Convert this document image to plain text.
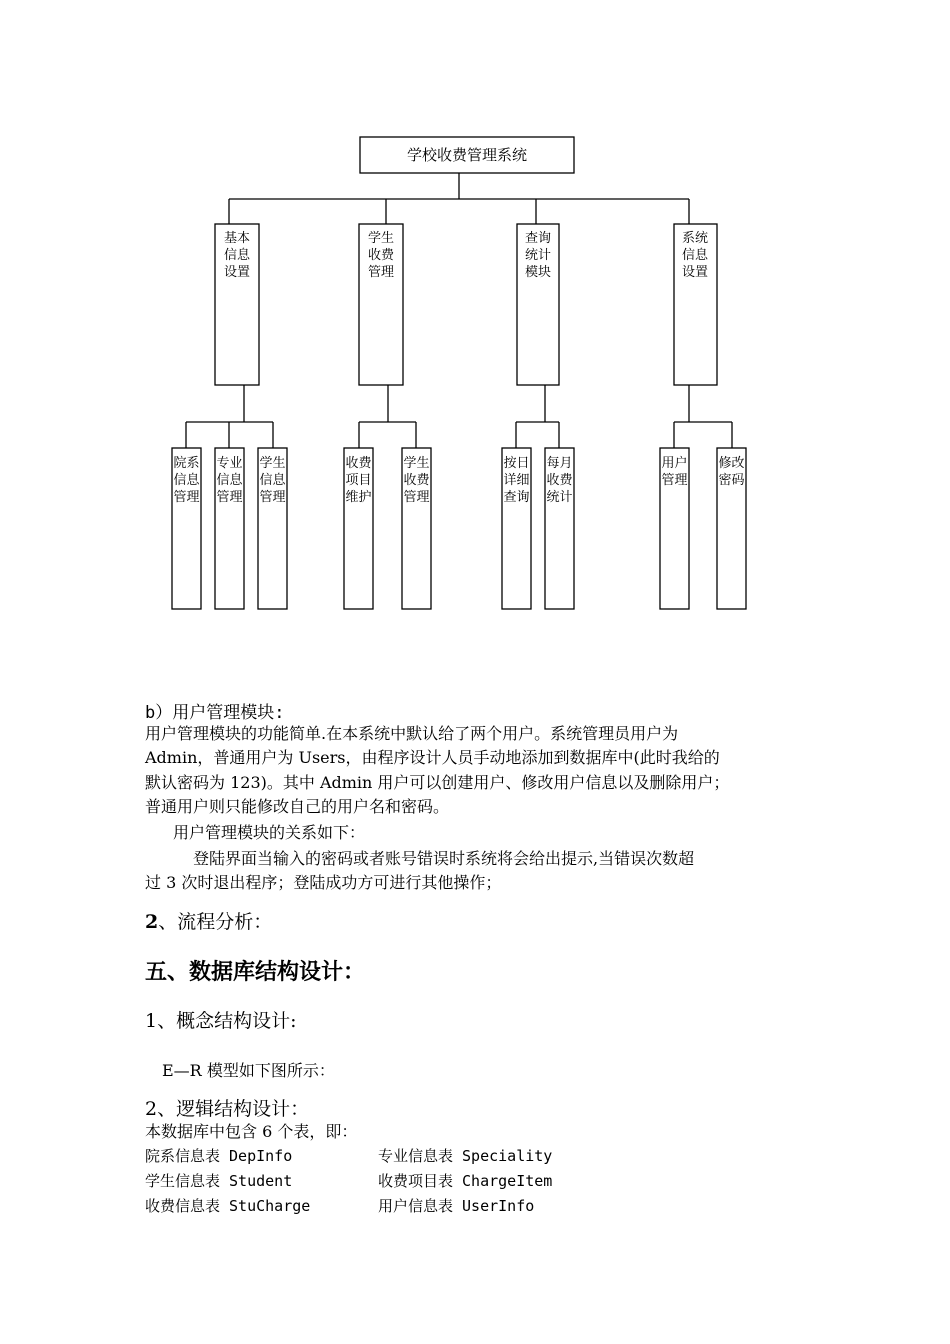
学校收费管理系统
基本信息设置
学生收费管理
查询统计模块
系统信息设置
院系信息管理
专业信息管理
学生信息管理
收费项目维护
学生收费管理
按日详细查询
每月收费统计
用户管理
修改密码

b）用户管理模块:

用户管理模块的功能简单.在本系统中默认给了两个用户。系统管理员用户为

Admin，普通用户为 Users，由程序设计人员手动地添加到数据库中(此时我给的

默认密码为 123)。其中 Admin 用户可以创建用户、修改用户信息以及删除用户；

普通用户则只能修改自己的用户名和密码。

用户管理模块的关系如下：

登陆界面当输入的密码或者账号错误时系统将会给出提示,当错误次数超

过 3 次时退出程序；登陆成功方可进行其他操作；

2、流程分析：

五、数据库结构设计：

1、概念结构设计:

E—R 模型如下图所示：

2、逻辑结构设计：

本数据库中包含 6 个表，即：

院系信息表 DepInfo	专业信息表 Speciality

学生信息表 Student	收费项目表 ChargeItem

收费信息表 StuCharge	用户信息表 UserInfo
